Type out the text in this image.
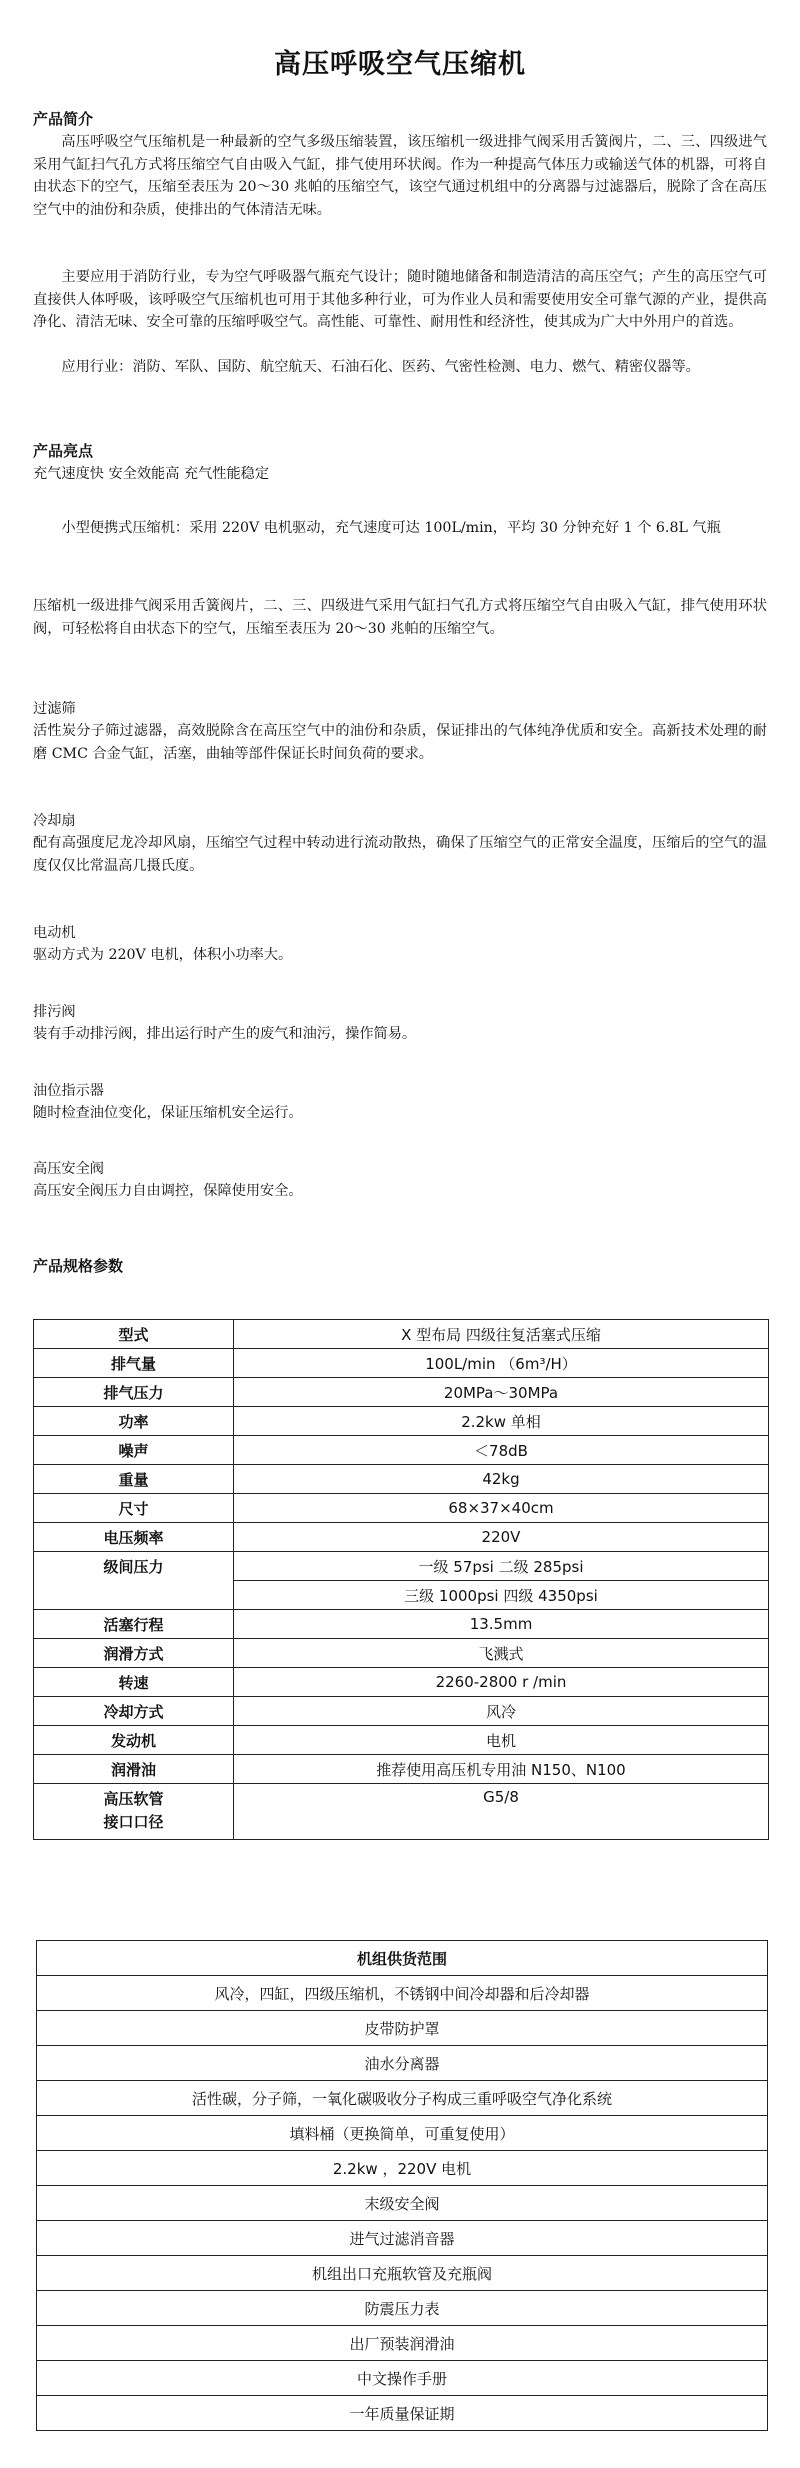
高压呼吸空气压缩机
产品简介

高压呼吸空气压缩机是一种最新的空气多级压缩装置，该压缩机一级进排气阀采用舌簧阀片，二、三、四级进气采用气缸扫气孔方式将压缩空气自由吸入气缸，排气使用环状阀。作为一种提高气体压力或输送气体的机器，可将自由状态下的空气，压缩至表压为 20～30 兆帕的压缩空气，该空气通过机组中的分离器与过滤器后，脱除了含在高压空气中的油份和杂质，使排出的气体清洁无味。

主要应用于消防行业，专为空气呼吸器气瓶充气设计；随时随地储备和制造清洁的高压空气；产生的高压空气可直接供人体呼吸，该呼吸空气压缩机也可用于其他多种行业，可为作业人员和需要使用安全可靠气源的产业，提供高净化、清洁无味、安全可靠的压缩呼吸空气。高性能、可靠性、耐用性和经济性，使其成为广大中外用户的首选。

应用行业：消防、军队、国防、航空航天、石油石化、医药、气密性检测、电力、燃气、精密仪器等。

产品亮点

充气速度快 安全效能高 充气性能稳定

小型便携式压缩机：采用 220V 电机驱动，充气速度可达 100L/min，平均 30 分钟充好 1 个 6.8L 气瓶

压缩机一级进排气阀采用舌簧阀片，二、三、四级进气采用气缸扫气孔方式将压缩空气自由吸入气缸，排气使用环状阀，可轻松将自由状态下的空气，压缩至表压为 20～30 兆帕的压缩空气。

过滤筛

活性炭分子筛过滤器，高效脱除含在高压空气中的油份和杂质，保证排出的气体纯净优质和安全。高新技术处理的耐磨 CMC 合金气缸，活塞，曲轴等部件保证长时间负荷的要求。

冷却扇

配有高强度尼龙冷却风扇，压缩空气过程中转动进行流动散热，确保了压缩空气的正常安全温度，压缩后的空气的温度仅仅比常温高几摄氏度。

电动机

驱动方式为 220V 电机，体积小功率大。

排污阀

装有手动排污阀，排出运行时产生的废气和油污，操作简易。

油位指示器

随时检查油位变化，保证压缩机安全运行。

高压安全阀

高压安全阀压力自由调控，保障使用安全。

产品规格参数
型式	X 型布局 四级往复活塞式压缩
排气量	100L/min （6m³/H）
排气压力	20MPa～30MPa
功率	2.2kw 单相
噪声	＜78dB
重量	42kg
尺寸	68×37×40cm
电压频率	220V
级间压力	一级 57psi 二级 285psi
	三级 1000psi 四级 4350psi
活塞行程	13.5mm
润滑方式	飞溅式
转速	2260-2800 r /min
冷却方式	风冷
发动机	电机
润滑油	推荐使用高压机专用油 N150、N100
高压软管
接口口径	G5/8
机组供货范围
风冷，四缸，四级压缩机，不锈钢中间冷却器和后冷却器
皮带防护罩
油水分离器
活性碳，分子筛，一氧化碳吸收分子构成三重呼吸空气净化系统
填料桶（更换简单，可重复使用）
2.2kw ，220V 电机
末级安全阀
进气过滤消音器
机组出口充瓶软管及充瓶阀
防震压力表
出厂预装润滑油
中文操作手册
一年质量保证期
